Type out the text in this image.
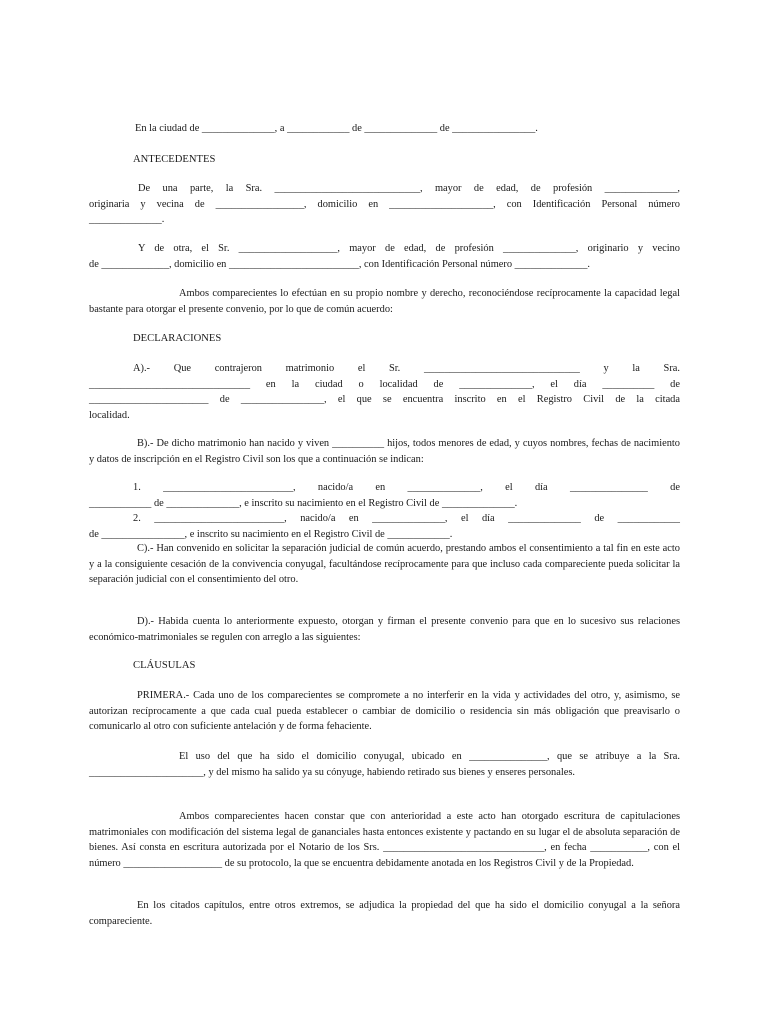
En la ciudad de ______________, a ____________ de ______________ de ________________.
ANTECEDENTES
De una parte, la Sra. ____________________________, mayor de edad, de profesión ______________,
originaria y vecina de _________________, domicilio en ____________________, con Identificación Personal número
______________.
Y de otra, el Sr. ___________________, mayor de edad, de profesión ______________, originario y vecino
de _____________, domicilio en _________________________, con Identificación Personal número ______________.
Ambos comparecientes lo efectúan en su propio nombre y derecho, reconociéndose recíprocamente la capacidad legal bastante para otorgar el presente convenio, por lo que de común acuerdo:
DECLARACIONES
A).- Que contrajeron matrimonio el Sr. ______________________________ y la Sra.
_______________________________ en la ciudad o localidad de ______________, el día __________ de
_______________________ de ________________, el que se encuentra inscrito en el Registro Civil de la citada
localidad.
B).- De dicho matrimonio han nacido y viven __________ hijos, todos menores de edad, y cuyos nombres, fechas de nacimiento y datos de inscripción en el Registro Civil son los que a continuación se indican:
1. _________________________, nacido/a en ______________, el día _______________ de
____________ de ______________, e inscrito su nacimiento en el Registro Civil de ______________.
2. _________________________, nacido/a en ______________, el día ______________ de ____________
de ________________, e inscrito su nacimiento en el Registro Civil de ____________.
C).- Han convenido en solicitar la separación judicial de común acuerdo, prestando ambos el consentimiento a tal fin en este acto y a la consiguiente cesación de la convivencia conyugal, facultándose recíprocamente para que incluso cada compareciente pueda solicitar la separación judicial con el consentimiento del otro.
D).- Habida cuenta lo anteriormente expuesto, otorgan y firman el presente convenio para que en lo sucesivo sus relaciones económico-matrimoniales se regulen con arreglo a las siguientes:
CLÁUSULAS
PRIMERA.- Cada uno de los comparecientes se compromete a no interferir en la vida y actividades del otro, y, asimismo, se autorizan recíprocamente a que cada cual pueda establecer o cambiar de domicilio o residencia sin más obligación que preavisarlo o comunicarlo al otro con suficiente antelación y de forma fehaciente.
El uso del que ha sido el domicilio conyugal, ubicado en _______________, que se atribuye a la Sra. ______________________, y del mismo ha salido ya su cónyuge, habiendo retirado sus bienes y enseres personales.
Ambos comparecientes hacen constar que con anterioridad a este acto han otorgado escritura de capitulaciones matrimoniales con modificación del sistema legal de gananciales hasta entonces existente y pactando en su lugar el de absoluta separación de bienes. Así consta en escritura autorizada por el Notario de los Srs. _______________________________, en fecha ___________, con el número ___________________ de su protocolo, la que se encuentra debidamente anotada en los Registros Civil y de la Propiedad.
En los citados capítulos, entre otros extremos, se adjudica la propiedad del que ha sido el domicilio conyugal a la señora compareciente.
